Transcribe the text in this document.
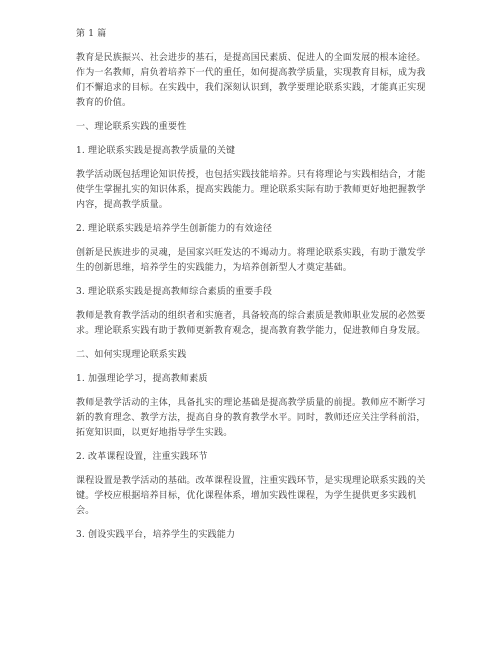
第 1 篇

教育是民族振兴、社会进步的基石，是提高国民素质、促进人的全面发展的根本途径。作为一名教师，肩负着培养下一代的重任，如何提高教学质量，实现教育目标，成为我们不懈追求的目标。在实践中，我们深刻认识到，教学要理论联系实践，才能真正实现教育的价值。

一、理论联系实践的重要性

1. 理论联系实践是提高教学质量的关键

教学活动既包括理论知识传授，也包括实践技能培养。只有将理论与实践相结合，才能使学生掌握扎实的知识体系，提高实践能力。理论联系实际有助于教师更好地把握教学内容，提高教学质量。

2. 理论联系实践是培养学生创新能力的有效途径

创新是民族进步的灵魂，是国家兴旺发达的不竭动力。将理论联系实践，有助于激发学生的创新思维，培养学生的实践能力，为培养创新型人才奠定基础。

3. 理论联系实践是提高教师综合素质的重要手段

教师是教育教学活动的组织者和实施者，具备较高的综合素质是教师职业发展的必然要求。理论联系实践有助于教师更新教育观念，提高教育教学能力，促进教师自身发展。

二、如何实现理论联系实践

1. 加强理论学习，提高教师素质

教师是教学活动的主体，具备扎实的理论基础是提高教学质量的前提。教师应不断学习新的教育理念、教学方法，提高自身的教育教学水平。同时，教师还应关注学科前沿，拓宽知识面，以更好地指导学生实践。

2. 改革课程设置，注重实践环节

课程设置是教学活动的基础。改革课程设置，注重实践环节，是实现理论联系实践的关键。学校应根据培养目标，优化课程体系，增加实践性课程，为学生提供更多实践机会。

3. 创设实践平台，培养学生的实践能力
